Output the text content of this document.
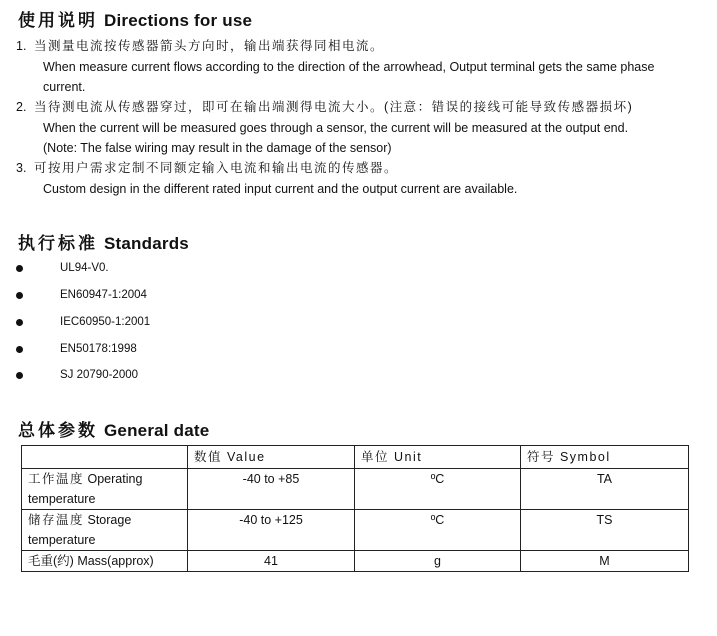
使用说明 Directions for use
1. 当测量电流按传感器箭头方向时，输出端获得同相电流。
When measure current flows according to the direction of the arrowhead, Output terminal gets the same phase
current.
2. 当待测电流从传感器穿过，即可在输出端测得电流大小。(注意：错误的接线可能导致传感器损坏)
When the current will be measured goes through a sensor, the current will be measured at the output end.
(Note: The false wiring may result in the damage of the sensor)
3. 可按用户需求定制不同额定输入电流和输出电流的传感器。
Custom design in the different rated input current and the output current are available.
执行标准 Standards
UL94-V0.
EN60947-1:2004
IEC60950-1:2001
EN50178:1998
SJ 20790-2000
总体参数 General date
	数值 Value	单位 Unit	符号 Symbol
工作温度 Operating
temperature	-40 to +85	ºC	TA
储存温度 Storage
temperature	-40 to +125	ºC	TS
毛重(约) Mass(approx)	41	g	M
